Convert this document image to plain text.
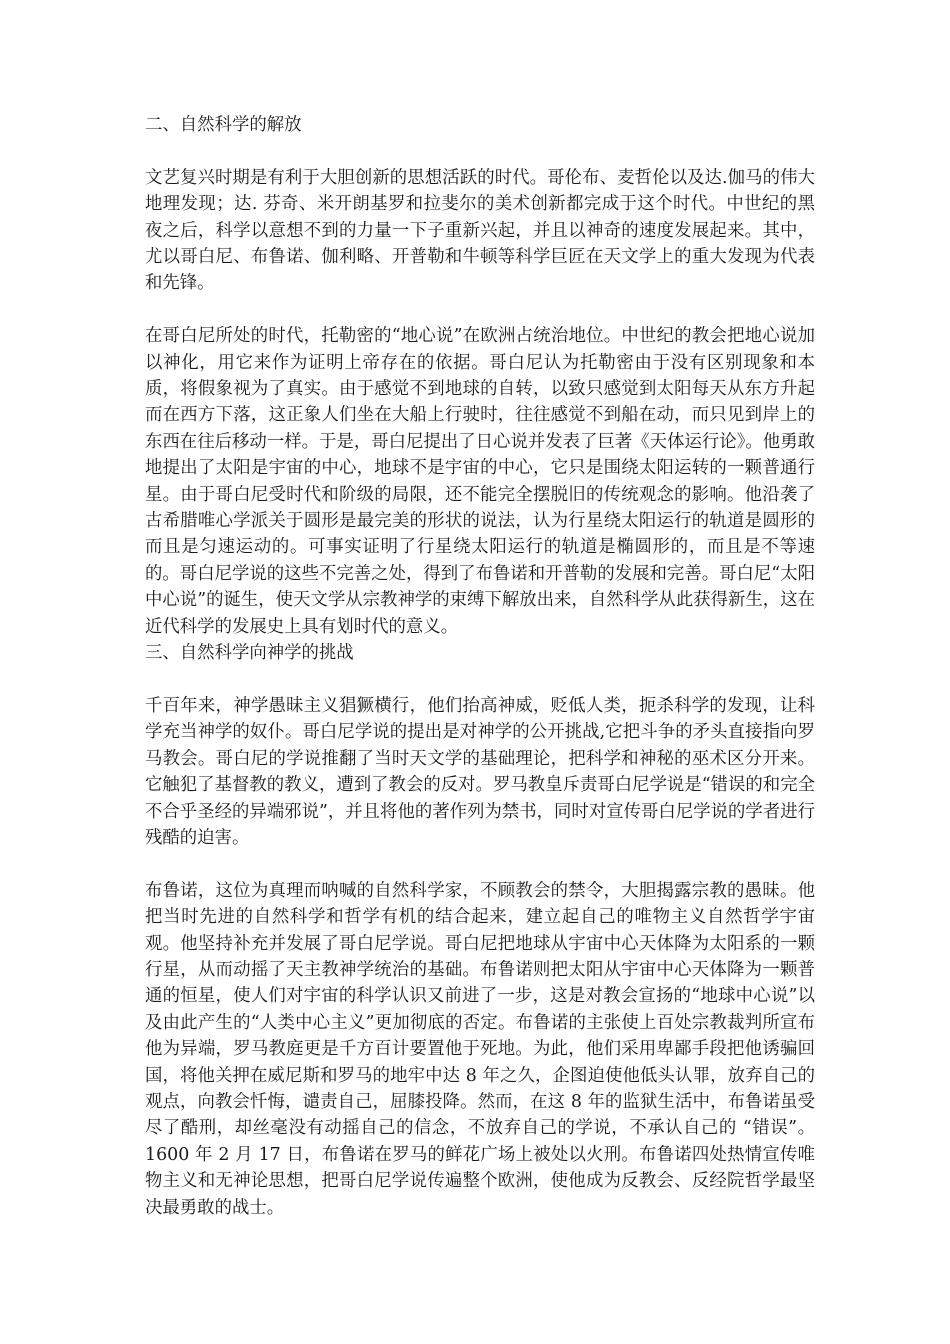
二、自然科学的解放

文艺复兴时期是有利于大胆创新的思想活跃的时代。哥伦布、麦哲伦以及达.伽马的伟大地理发现；达. 芬奇、米开朗基罗和拉斐尔的美术创新都完成于这个时代。中世纪的黑夜之后，科学以意想不到的力量一下子重新兴起，并且以神奇的速度发展起来。其中，尤以哥白尼、布鲁诺、伽利略、开普勒和牛顿等科学巨匠在天文学上的重大发现为代表和先锋。

在哥白尼所处的时代，托勒密的“地心说”在欧洲占统治地位。中世纪的教会把地心说加以神化，用它来作为证明上帝存在的依据。哥白尼认为托勒密由于没有区别现象和本质，将假象视为了真实。由于感觉不到地球的自转，以致只感觉到太阳每天从东方升起而在西方下落，这正象人们坐在大船上行驶时，往往感觉不到船在动，而只见到岸上的东西在往后移动一样。于是，哥白尼提出了日心说并发表了巨著《天体运行论》。他勇敢地提出了太阳是宇宙的中心，地球不是宇宙的中心，它只是围绕太阳运转的一颗普通行星。由于哥白尼受时代和阶级的局限，还不能完全摆脱旧的传统观念的影响。他沿袭了古希腊唯心学派关于圆形是最完美的形状的说法，认为行星绕太阳运行的轨道是圆形的而且是匀速运动的。可事实证明了行星绕太阳运行的轨道是椭圆形的，而且是不等速的。哥白尼学说的这些不完善之处，得到了布鲁诺和开普勒的发展和完善。哥白尼“太阳中心说”的诞生，使天文学从宗教神学的束缚下解放出来，自然科学从此获得新生，这在近代科学的发展史上具有划时代的意义。

三、自然科学向神学的挑战

千百年来，神学愚昧主义猖獗横行，他们抬高神威，贬低人类，扼杀科学的发现，让科学充当神学的奴仆。哥白尼学说的提出是对神学的公开挑战,它把斗争的矛头直接指向罗马教会。哥白尼的学说推翻了当时天文学的基础理论，把科学和神秘的巫术区分开来。它触犯了基督教的教义，遭到了教会的反对。罗马教皇斥责哥白尼学说是“错误的和完全不合乎圣经的异端邪说”，并且将他的著作列为禁书，同时对宣传哥白尼学说的学者进行残酷的迫害。

布鲁诺，这位为真理而呐喊的自然科学家，不顾教会的禁令，大胆揭露宗教的愚昧。他把当时先进的自然科学和哲学有机的结合起来，建立起自己的唯物主义自然哲学宇宙观。他坚持补充并发展了哥白尼学说。哥白尼把地球从宇宙中心天体降为太阳系的一颗行星，从而动摇了天主教神学统治的基础。布鲁诺则把太阳从宇宙中心天体降为一颗普通的恒星，使人们对宇宙的科学认识又前进了一步，这是对教会宣扬的“地球中心说”以及由此产生的“人类中心主义”更加彻底的否定。布鲁诺的主张使上百处宗教裁判所宣布他为异端，罗马教庭更是千方百计要置他于死地。为此，他们采用卑鄙手段把他诱骗回国，将他关押在威尼斯和罗马的地牢中达 8 年之久，企图迫使他低头认罪，放弃自己的观点，向教会忏悔，谴责自己，屈膝投降。然而，在这 8 年的监狱生活中，布鲁诺虽受尽了酷刑，却丝毫没有动摇自己的信念，不放弃自己的学说，不承认自己的 “错误”。1600 年 2 月 17 日，布鲁诺在罗马的鲜花广场上被处以火刑。布鲁诺四处热情宣传唯物主义和无神论思想，把哥白尼学说传遍整个欧洲，使他成为反教会、反经院哲学最坚决最勇敢的战士。
